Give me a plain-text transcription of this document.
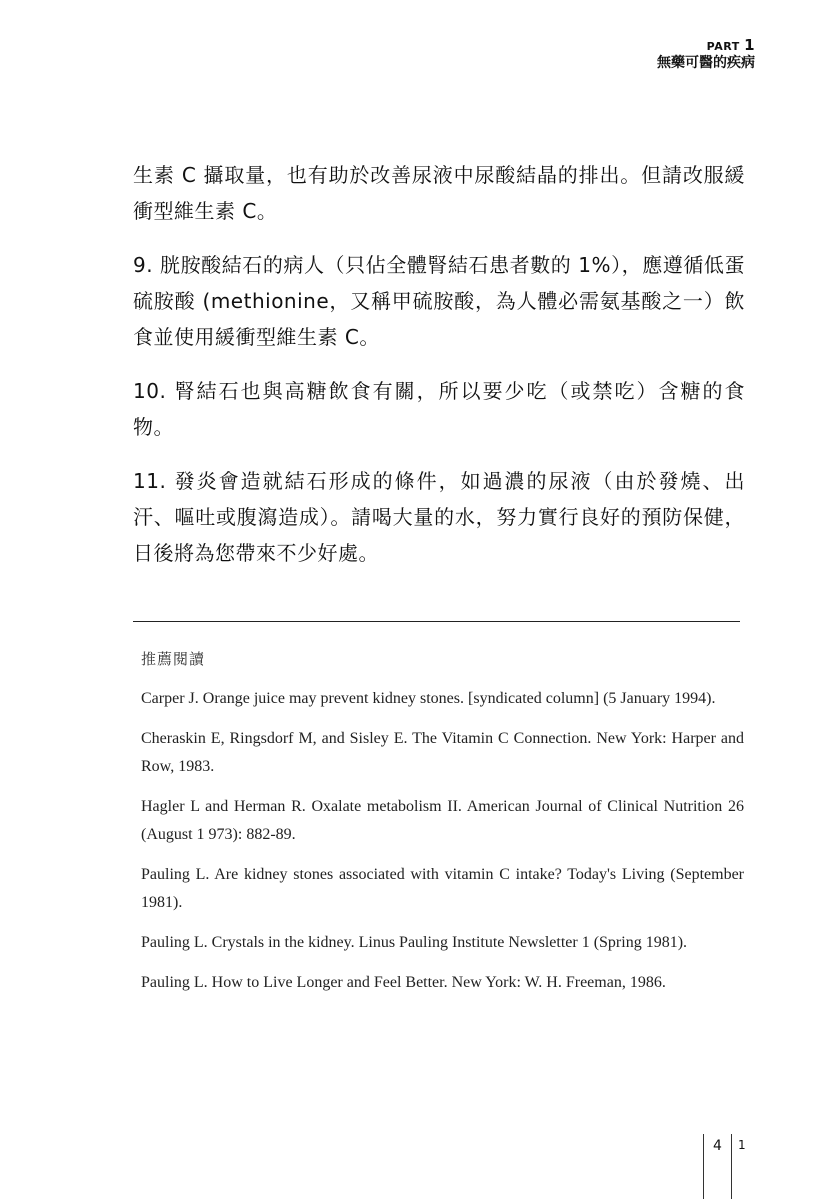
PART 1
無藥可醫的疾病

生素 C 攝取量，也有助於改善尿液中尿酸結晶的排出。但請改服緩衝型維生素 C。

9. 胱胺酸結石的病人（只佔全體腎結石患者數的 1%），應遵循低蛋硫胺酸 (methionine，又稱甲硫胺酸，為人體必需氨基酸之一）飲食並使用緩衝型維生素 C。

10. 腎結石也與高糖飲食有關，所以要少吃（或禁吃）含糖的食物。

11. 發炎會造就結石形成的條件，如過濃的尿液（由於發燒、出汗、嘔吐或腹瀉造成）。請喝大量的水，努力實行良好的預防保健，日後將為您帶來不少好處。

推薦閱讀

Carper J. Orange juice may prevent kidney stones. [syndicated column] (5 January 1994).

Cheraskin E, Ringsdorf M, and Sisley E. The Vitamin C Connection. New York: Harper and Row, 1983.

Hagler L and Herman R. Oxalate metabolism II. American Journal of Clinical Nutrition 26 (August 1 973): 882-89.

Pauling L. Are kidney stones associated with vitamin C intake? Today's Living (September 1981).

Pauling L. Crystals in the kidney. Linus Pauling Institute Newsletter 1 (Spring 1981).

Pauling L. How to Live Longer and Feel Better. New York: W. H. Freeman, 1986.

4 1
